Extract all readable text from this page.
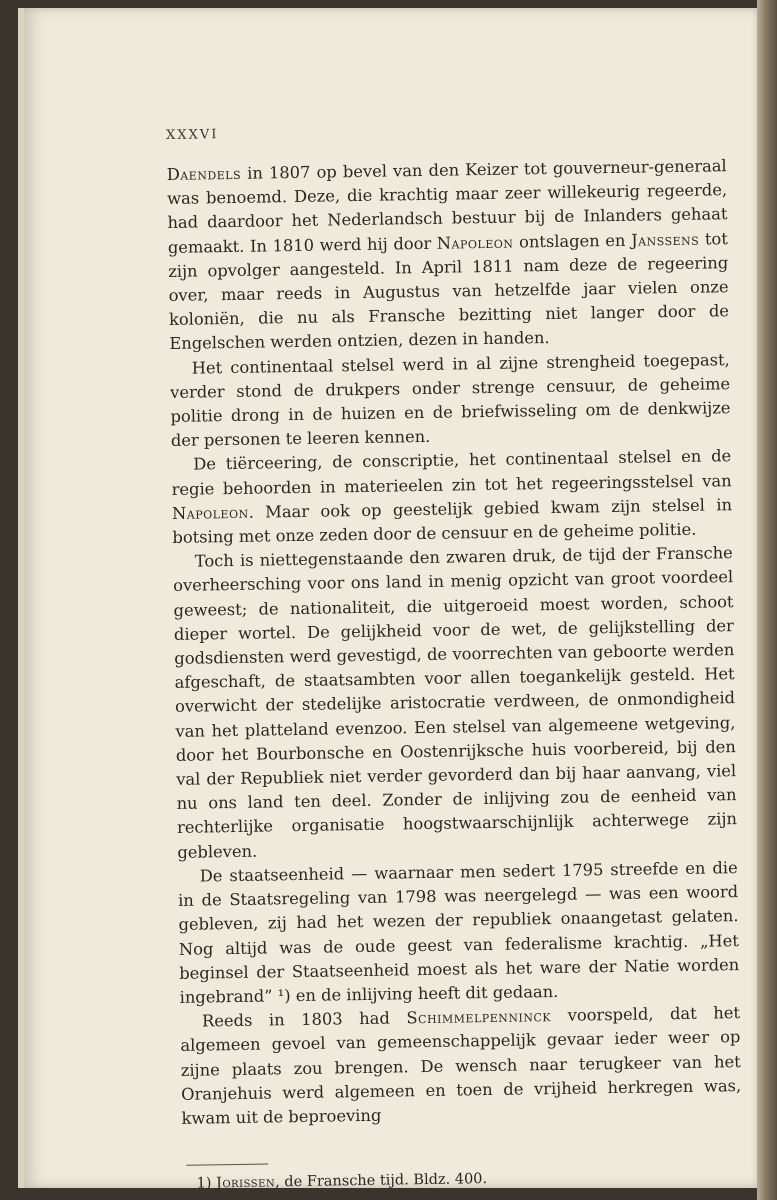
XXXVI

Daendels in 1807 op bevel van den Keizer tot gouverneur-generaal was benoemd. Deze, die krachtig maar zeer willekeurig regeerde, had daardoor het Nederlandsch bestuur bij de Inlanders gehaat gemaakt. In 1810 werd hij door Napoleon ontslagen en Janssens tot zijn opvolger aangesteld. In April 1811 nam deze de regeering over, maar reeds in Augustus van hetzelfde jaar vielen onze koloniën, die nu als Fransche bezitting niet langer door de Engelschen werden ontzien, dezen in handen.

Het continentaal stelsel werd in al zijne strengheid toegepast, verder stond de drukpers onder strenge censuur, de geheime politie drong in de huizen en de briefwisseling om de denkwijze der personen te leeren kennen.

De tiërceering, de conscriptie, het continentaal stelsel en de regie behoorden in materieelen zin tot het regeeringsstelsel van Napoleon. Maar ook op geestelijk gebied kwam zijn stelsel in botsing met onze zeden door de censuur en de geheime politie.

Toch is niettegenstaande den zwaren druk, de tijd der Fransche overheersching voor ons land in menig opzicht van groot voordeel geweest; de nationaliteit, die uitgeroeid moest worden, schoot dieper wortel. De gelijkheid voor de wet, de gelijkstelling der godsdiensten werd gevestigd, de voorrechten van geboorte werden afgeschaft, de staatsambten voor allen toegankelijk gesteld. Het overwicht der stedelijke aristocratie verdween, de onmondigheid van het platteland evenzoo. Een stelsel van algemeene wetgeving, door het Bourbonsche en Oostenrijksche huis voorbereid, bij den val der Republiek niet verder gevorderd dan bij haar aanvang, viel nu ons land ten deel. Zonder de inlijving zou de eenheid van rechterlijke organisatie hoogstwaarschijnlijk achterwege zijn gebleven.

De staatseenheid — waarnaar men sedert 1795 streefde en die in de Staatsregeling van 1798 was neergelegd — was een woord gebleven, zij had het wezen der republiek onaangetast gelaten. Nog altijd was de oude geest van federalisme krachtig. „Het beginsel der Staatseenheid moest als het ware der Natie worden ingebrand” ¹) en de inlijving heeft dit gedaan.

Reeds in 1803 had Schimmelpenninck voorspeld, dat het algemeen gevoel van gemeenschappelijk gevaar ieder weer op zijne plaats zou brengen. De wensch naar terugkeer van het Oranjehuis werd algemeen en toen de vrijheid herkregen was, kwam uit de beproeving

1) Jorissen, de Fransche tijd. Bldz. 400.
